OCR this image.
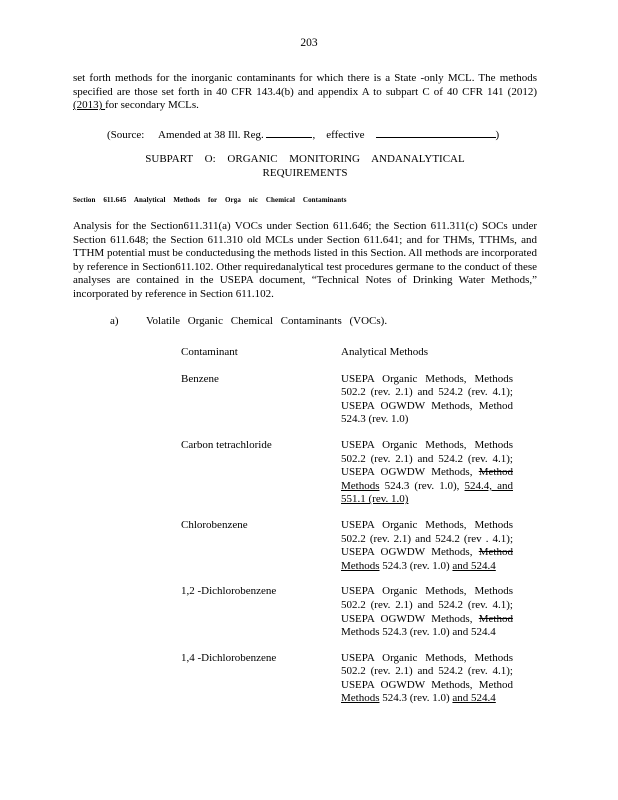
203
set forth methods for the inorganic contaminants for which there is a State -only MCL. The methods specified are those set forth in 40 CFR 143.4(b) and appendix A to subpart C of 40 CFR 141 (2012) (2013) for secondary MCLs.
(Source: Amended at 38 Ill. Reg.	, effective	)
SUBPART O: ORGANIC MONITORING ANDANALYTICAL
REQUIREMENTS
Section 611.645 Analytical Methods for Orga nic Chemical Contaminants
Analysis for the Section611.311(a) VOCs under Section 611.646; the Section 611.311(c) SOCs under Section 611.648; the Section 611.310 old MCLs under Section 611.641; and for THMs, TTHMs, and TTHM potential must be conductedusing the methods listed in this Section. All methods are incorporated by reference in Section611.102. Other requiredanalytical test procedures germane to the conduct of these analyses are contained in the USEPA document, “Technical Notes of Drinking Water Methods,” incorporated by reference in Section 611.102.
a) Volatile Organic Chemical Contaminants (VOCs).
Contaminant	Analytical Methods
Benzene	USEPA Organic Methods, Methods 502.2 (rev. 2.1) and 524.2 (rev. 4.1); USEPA OGWDW Methods, Method 524.3 (rev. 1.0)
Carbon tetrachloride	USEPA Organic Methods, Methods 502.2 (rev. 2.1) and 524.2 (rev. 4.1); USEPA OGWDW Methods, Method Methods 524.3 (rev. 1.0), 524.4, and 551.1 (rev. 1.0)
Chlorobenzene	USEPA Organic Methods, Methods 502.2 (rev. 2.1) and 524.2 (rev . 4.1); USEPA OGWDW Methods, Method Methods 524.3 (rev. 1.0) and 524.4
1,2 -Dichlorobenzene	USEPA Organic Methods, Methods 502.2 (rev. 2.1) and 524.2 (rev. 4.1); USEPA OGWDW Methods, Method Methods 524.3 (rev. 1.0) and 524.4
1,4 -Dichlorobenzene	USEPA Organic Methods, Methods 502.2 (rev. 2.1) and 524.2 (rev. 4.1); USEPA OGWDW Methods, Method Methods 524.3 (rev. 1.0) and 524.4
